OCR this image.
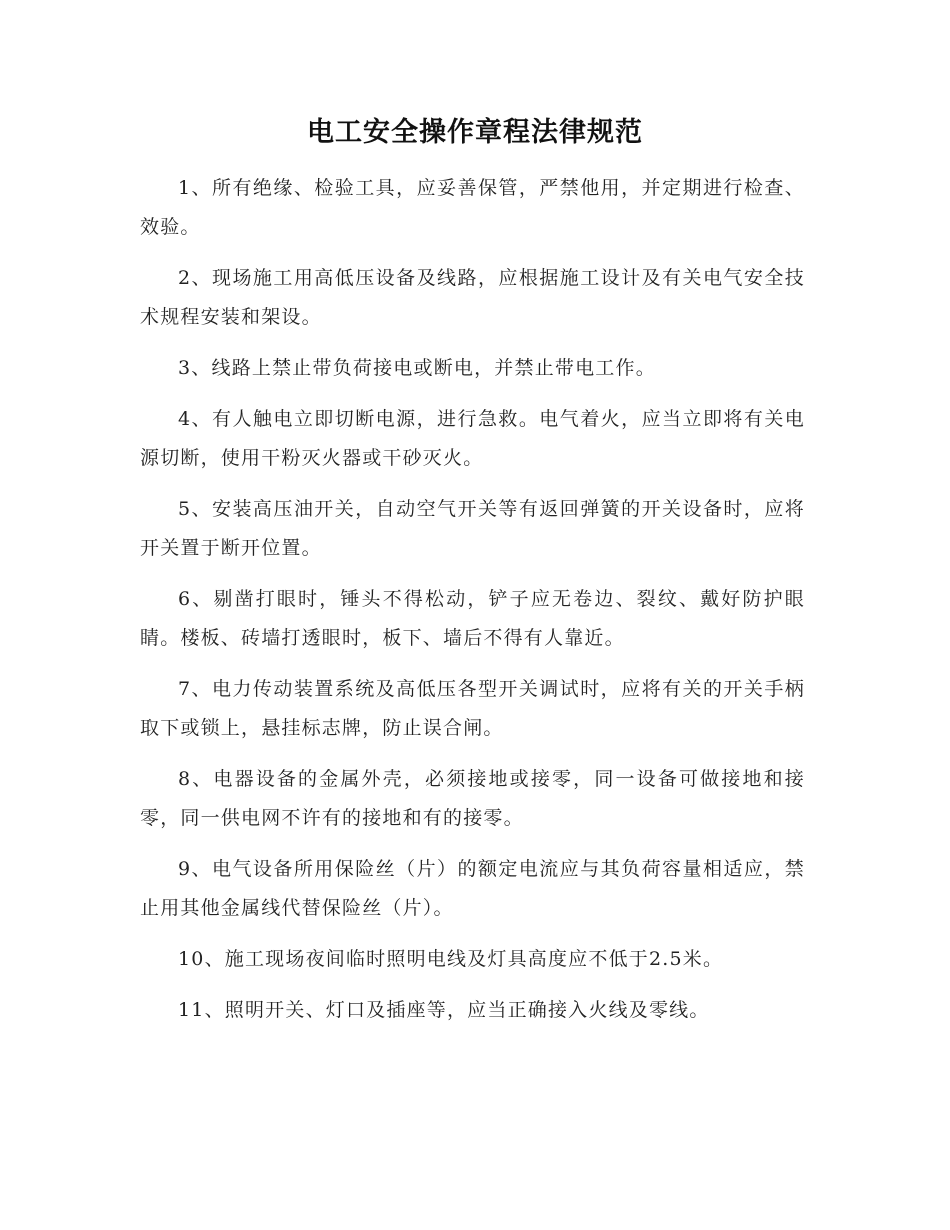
电工安全操作章程法律规范

1、所有绝缘、检验工具，应妥善保管，严禁他用，并定期进行检查、效验。

2、现场施工用高低压设备及线路，应根据施工设计及有关电气安全技术规程安装和架设。

3、线路上禁止带负荷接电或断电，并禁止带电工作。

4、有人触电立即切断电源，进行急救。电气着火，应当立即将有关电源切断，使用干粉灭火器或干砂灭火。

5、安装高压油开关，自动空气开关等有返回弹簧的开关设备时，应将开关置于断开位置。

6、剔凿打眼时，锤头不得松动，铲子应无卷边、裂纹、戴好防护眼睛。楼板、砖墙打透眼时，板下、墙后不得有人靠近。

7、电力传动装置系统及高低压各型开关调试时，应将有关的开关手柄取下或锁上，悬挂标志牌，防止误合闸。

8、电器设备的金属外壳，必须接地或接零，同一设备可做接地和接零，同一供电网不许有的接地和有的接零。

9、电气设备所用保险丝（片）的额定电流应与其负荷容量相适应，禁止用其他金属线代替保险丝（片）。

10、施工现场夜间临时照明电线及灯具高度应不低于2.5米。

11、照明开关、灯口及插座等，应当正确接入火线及零线。
